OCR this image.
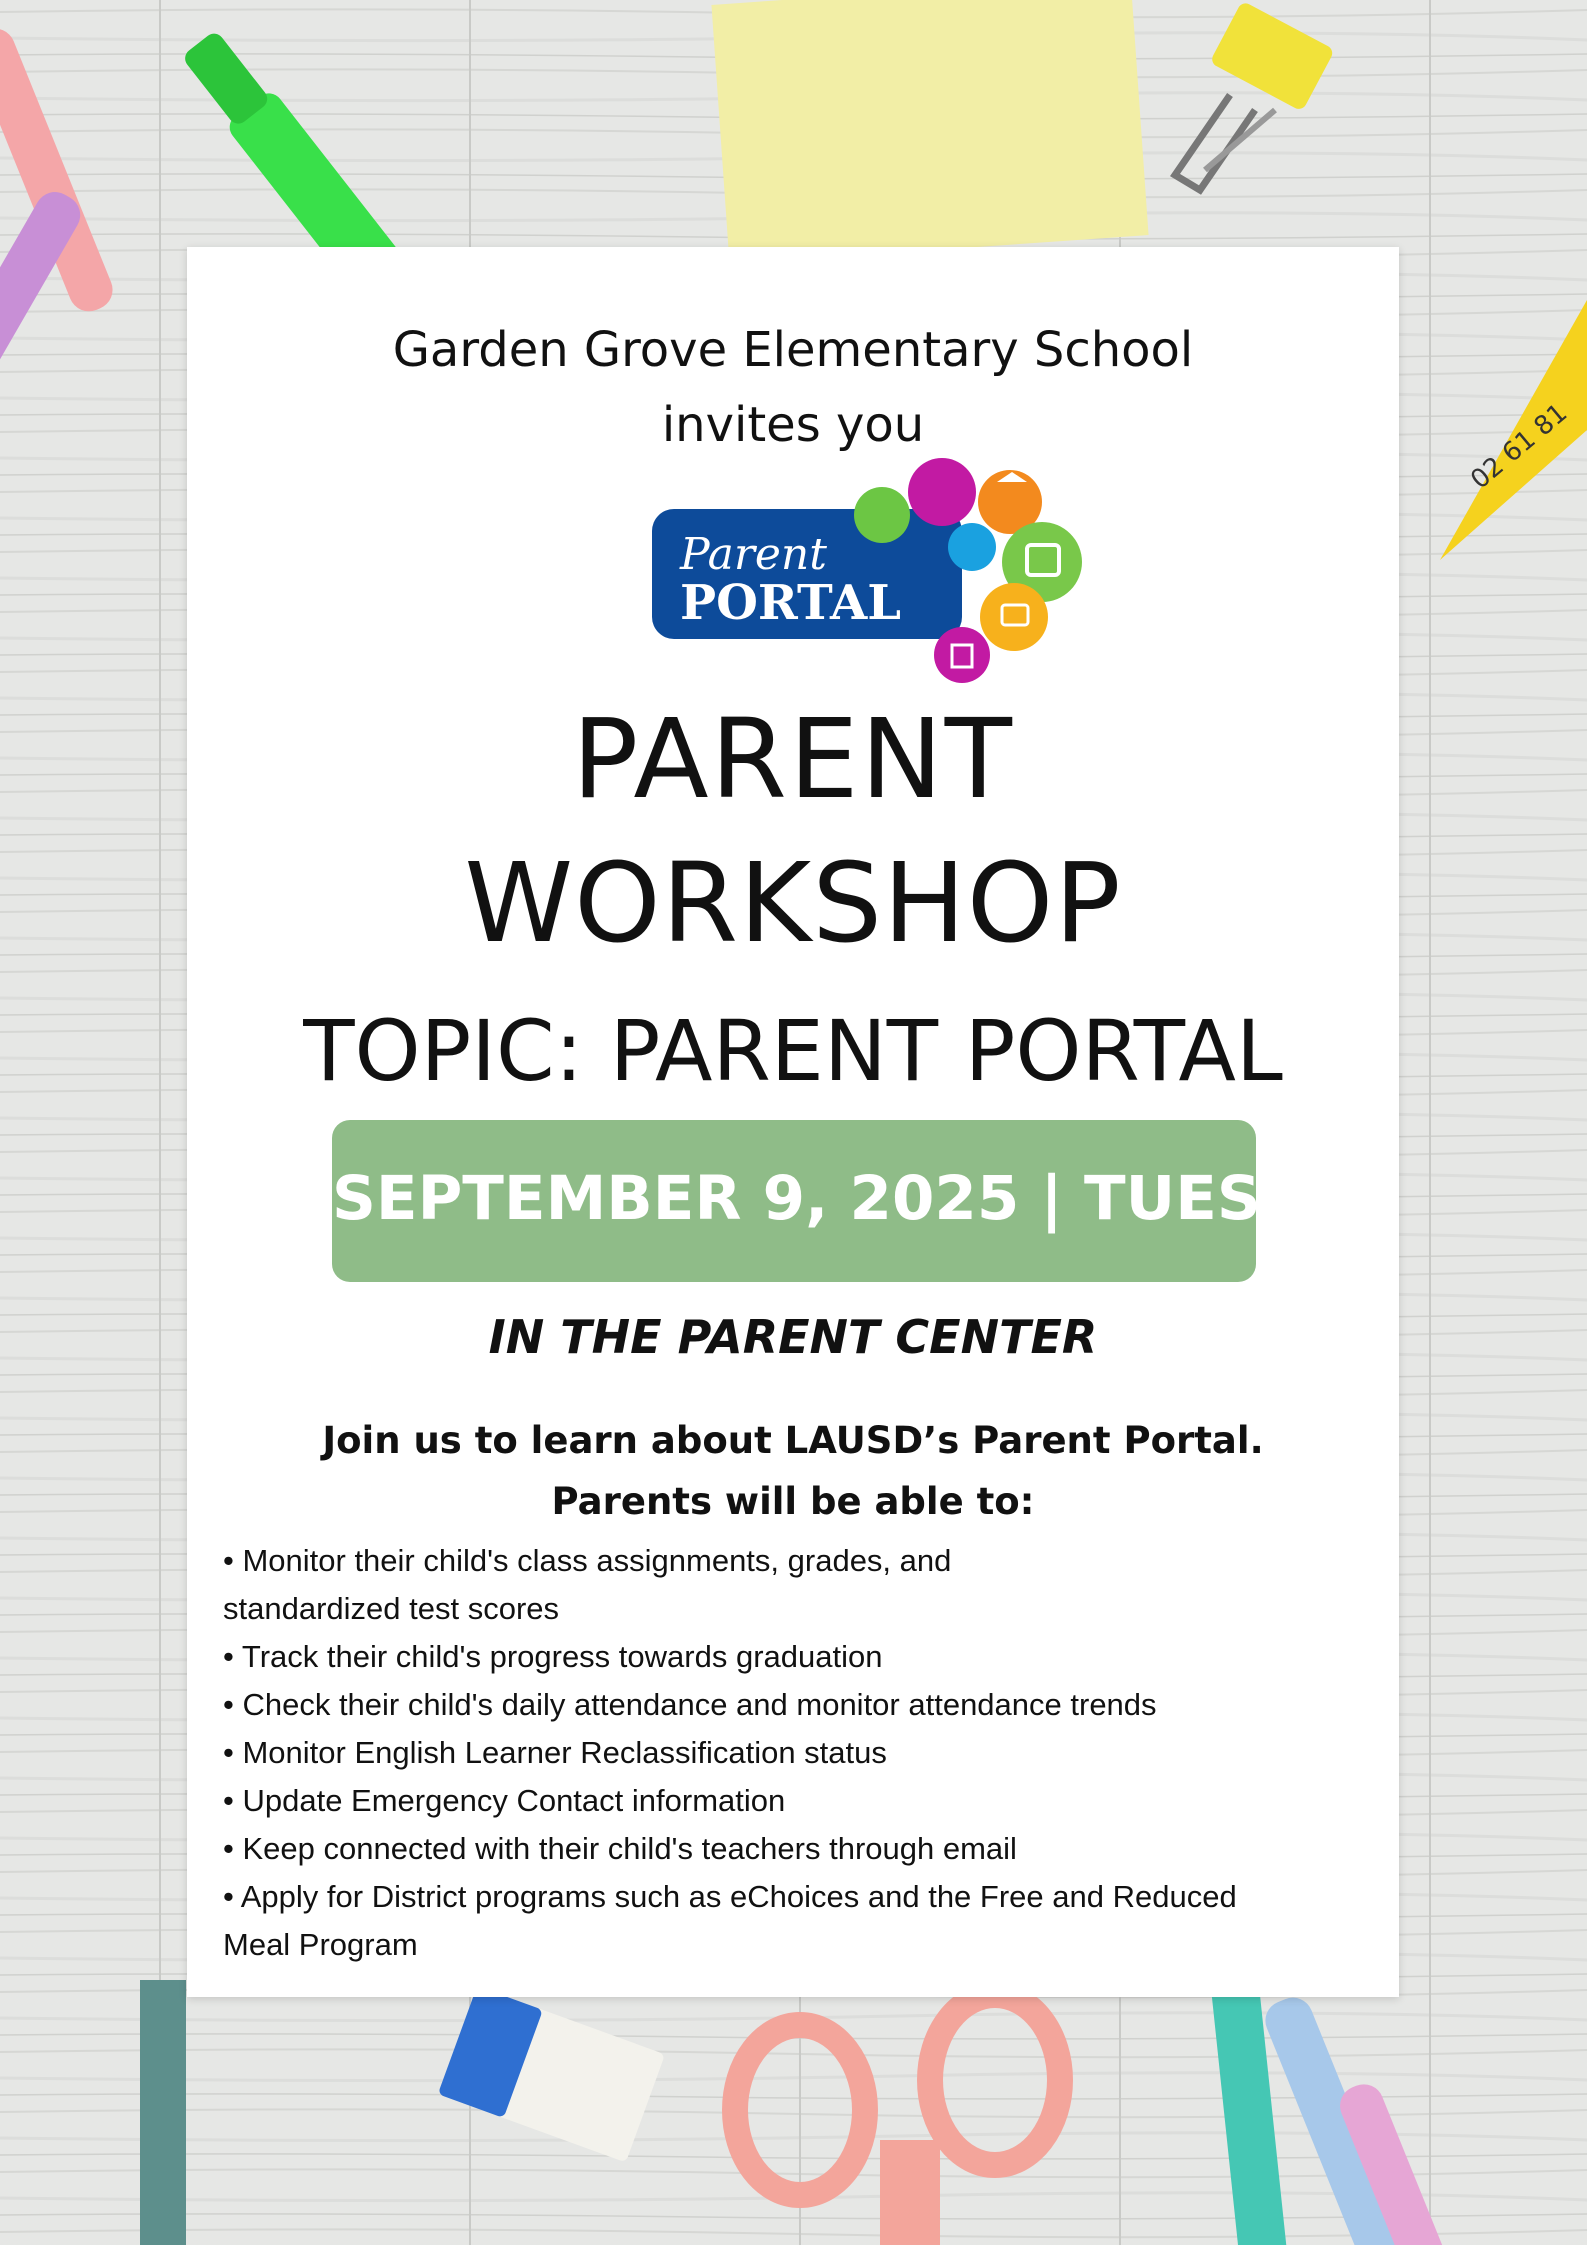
02 61 81
Garden Grove Elementary School
invites you
Parent
PORTAL
PARENT
WORKSHOP
TOPIC: PARENT PORTAL
SEPTEMBER 9, 2025 | TUES
IN THE PARENT CENTER
Join us to learn about LAUSD’s Parent Portal.
Parents will be able to:
• Monitor their child's class assignments, grades, and
standardized test scores
• Track their child's progress towards graduation
• Check their child's daily attendance and monitor attendance trends
• Monitor English Learner Reclassification status
• Update Emergency Contact information
• Keep connected with their child's teachers through email
• Apply for District programs such as eChoices and the Free and Reduced
Meal Program
